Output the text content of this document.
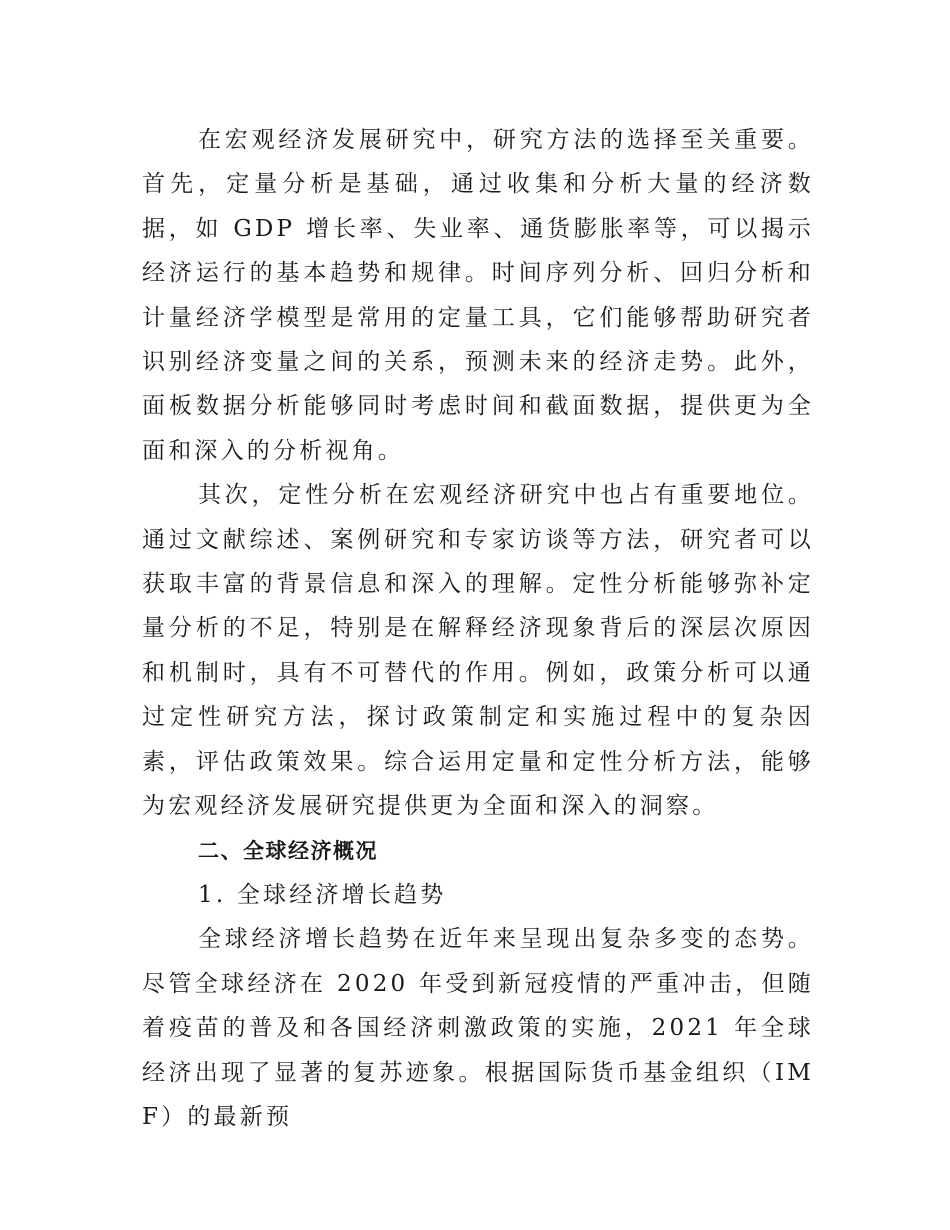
在宏观经济发展研究中，研究方法的选择至关重要。首先，定量分析是基础，通过收集和分析大量的经济数据，如 GDP 增长率、失业率、通货膨胀率等，可以揭示经济运行的基本趋势和规律。时间序列分析、回归分析和计量经济学模型是常用的定量工具，它们能够帮助研究者识别经济变量之间的关系，预测未来的经济走势。此外，面板数据分析能够同时考虑时间和截面数据，提供更为全面和深入的分析视角。

其次，定性分析在宏观经济研究中也占有重要地位。通过文献综述、案例研究和专家访谈等方法，研究者可以获取丰富的背景信息和深入的理解。定性分析能够弥补定量分析的不足，特别是在解释经济现象背后的深层次原因和机制时，具有不可替代的作用。例如，政策分析可以通过定性研究方法，探讨政策制定和实施过程中的复杂因素，评估政策效果。综合运用定量和定性分析方法，能够为宏观经济发展研究提供更为全面和深入的洞察。

二、全球经济概况

1. 全球经济增长趋势

全球经济增长趋势在近年来呈现出复杂多变的态势。尽管全球经济在 2020 年受到新冠疫情的严重冲击，但随着疫苗的普及和各国经济刺激政策的实施，2021 年全球经济出现了显著的复苏迹象。根据国际货币基金组织（IMF）的最新预
